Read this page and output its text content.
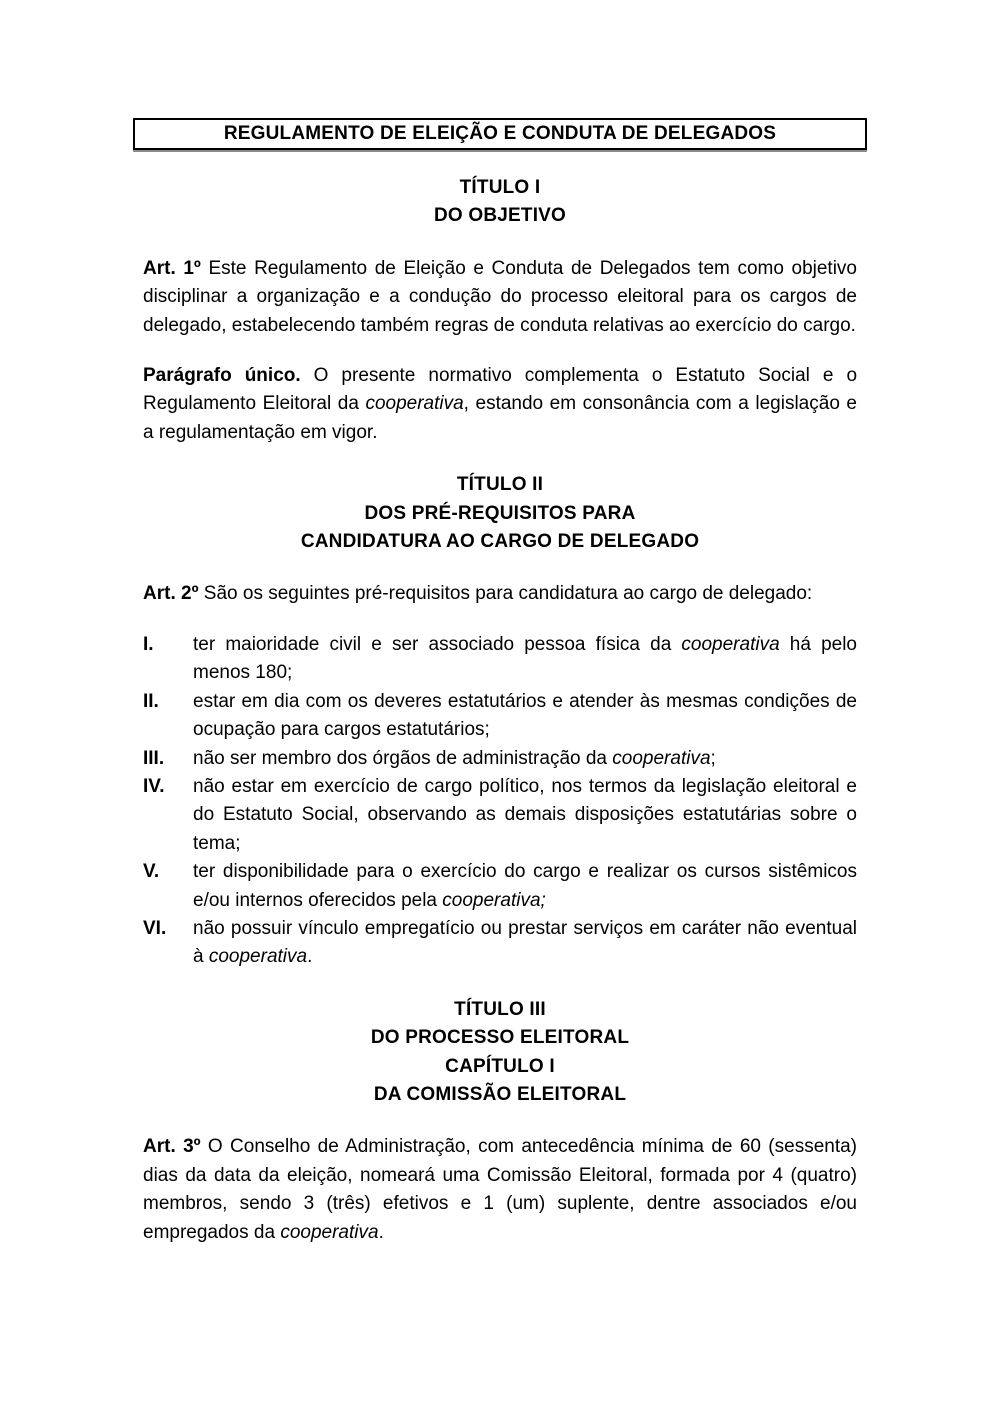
REGULAMENTO DE ELEIÇÃO E CONDUTA DE DELEGADOS
TÍTULO I
DO OBJETIVO

Art. 1º Este Regulamento de Eleição e Conduta de Delegados tem como objetivo disciplinar a organização e a condução do processo eleitoral para os cargos de delegado, estabelecendo também regras de conduta relativas ao exercício do cargo.

Parágrafo único. O presente normativo complementa o Estatuto Social e o Regulamento Eleitoral da cooperativa, estando em consonância com a legislação e a regulamentação em vigor.

TÍTULO II
DOS PRÉ-REQUISITOS PARA
CANDIDATURA AO CARGO DE DELEGADO

Art. 2º São os seguintes pré-requisitos para candidatura ao cargo de delegado:

I.	ter maioridade civil e ser associado pessoa física da cooperativa há pelo menos 180;
II.	estar em dia com os deveres estatutários e atender às mesmas condições de ocupação para cargos estatutários;
III.	não ser membro dos órgãos de administração da cooperativa;
IV.	não estar em exercício de cargo político, nos termos da legislação eleitoral e do Estatuto Social, observando as demais disposições estatutárias sobre o tema;
V.	ter disponibilidade para o exercício do cargo e realizar os cursos sistêmicos e/ou internos oferecidos pela cooperativa;
VI.	não possuir vínculo empregatício ou prestar serviços em caráter não eventual à cooperativa.
TÍTULO III
DO PROCESSO ELEITORAL
CAPÍTULO I
DA COMISSÃO ELEITORAL

Art. 3º O Conselho de Administração, com antecedência mínima de 60 (sessenta) dias da data da eleição, nomeará uma Comissão Eleitoral, formada por 4 (quatro) membros, sendo 3 (três) efetivos e 1 (um) suplente, dentre associados e/ou empregados da cooperativa.
